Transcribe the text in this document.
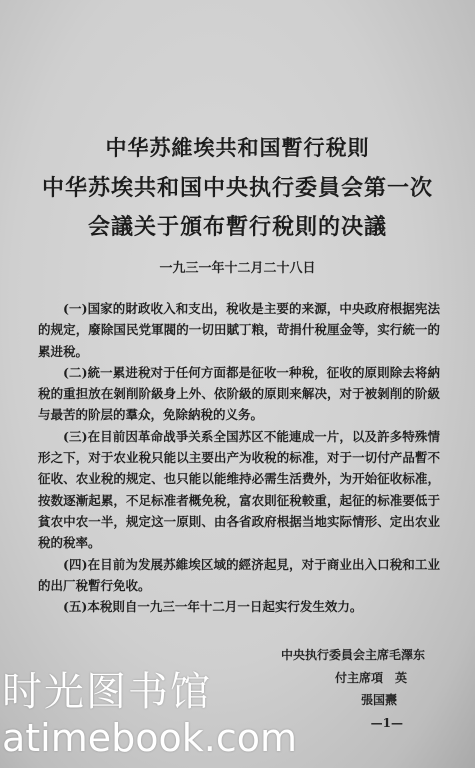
中华苏維埃共和国暫行稅則
中华苏埃共和国中央执行委員会第一次
会議关于頒布暫行稅則的决議
一九三一年十二月二十八日

(一)国家的財政收入和支出，稅收是主要的来源，中央政府根据宪法的规定，廢除国民党軍閥的一切田賦丁粮，苛捐什稅厘金等，实行統一的累进稅。

(二)統一累进稅对于任何方面都是征收一种稅，征收的原則除去将納稅的重担放在剝削阶級身上外、依阶級的原則来解决，对于被剝削的阶級与最苦的阶层的羣众，免除納稅的义务。

(三)在目前因革命战爭关系全国苏区不能連成一片，以及許多特殊情形之下，对于农业稅只能以主要出产为收稅的标准，对于一切付产品暫不征收、农业稅的规定、也只能以能维持必需生活费外，为开始征收标准，按数逐漸起累，不足标准者概免稅，富农則征稅較重，起征的标准要低于貧农中农一半，规定这一原則、由各省政府根据当地实际情形、定出农业稅的稅率。

(四)在目前为发展苏維埃区域的經济起見，对于商业出入口稅和工业的出厂稅暫行免收。

(五)本稅則自一九三一年十二月一日起实行发生效力。

中央执行委員会主席毛澤东
付主席項　英
張国燾
—1—
时光图书馆
atimebook.com
